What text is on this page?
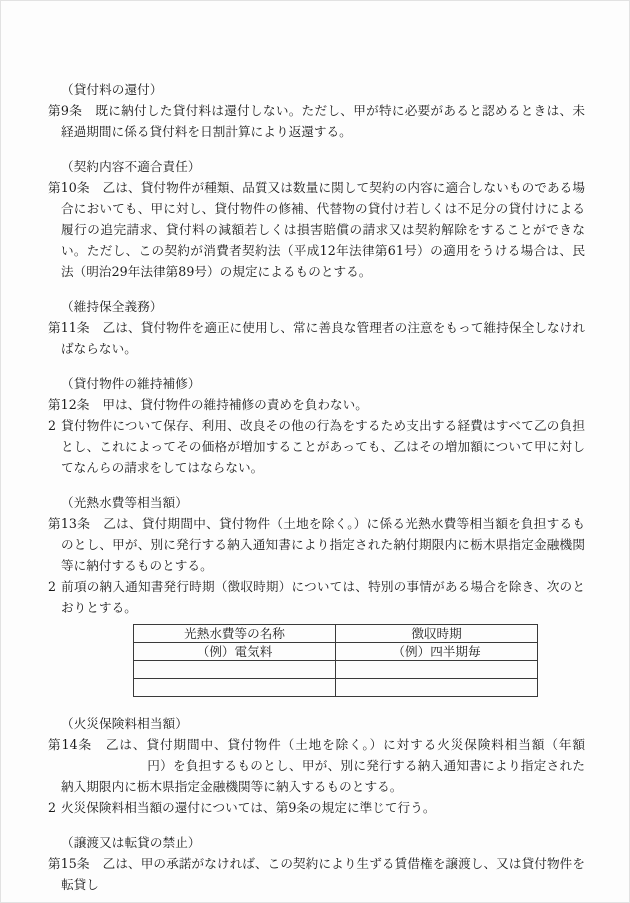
（貸付料の還付）

第9条 既に納付した貸付料は還付しない。ただし、甲が特に必要があると認めるときは、未経過期間に係る貸付料を日割計算により返還する。

（契約内容不適合責任）

第10条 乙は、貸付物件が種類、品質又は数量に関して契約の内容に適合しないものである場合においても、甲に対し、貸付物件の修補、代替物の貸付け若しくは不足分の貸付けによる履行の追完請求、貸付料の減額若しくは損害賠償の請求又は契約解除をすることができない。ただし、この契約が消費者契約法（平成12年法律第61号）の適用をうける場合は、民法（明治29年法律第89号）の規定によるものとする。

（維持保全義務）

第11条 乙は、貸付物件を適正に使用し、常に善良な管理者の注意をもって維持保全しなければならない。

（貸付物件の維持補修）

第12条 甲は、貸付物件の維持補修の責めを負わない。

2 貸付物件について保存、利用、改良その他の行為をするため支出する経費はすべて乙の負担とし、これによってその価格が増加することがあっても、乙はその増加額について甲に対してなんらの請求をしてはならない。

（光熱水費等相当額）

第13条 乙は、貸付期間中、貸付物件（土地を除く。）に係る光熱水費等相当額を負担するものとし、甲が、別に発行する納入通知書により指定された納付期限内に栃木県指定金融機関等に納付するものとする。

2 前項の納入通知書発行時期（徴収時期）については、特別の事情がある場合を除き、次のとおりとする。

光熱水費等の名称	徴収時期
（例）電気料	（例）四半期毎

（火災保険料相当額）

第14条 乙は、貸付期間中、貸付物件（土地を除く。）に対する火災保険料相当額（年額円）を負担するものとし、甲が、別に発行する納入通知書により指定された納入期限内に栃木県指定金融機関等に納入するものとする。

2 火災保険料相当額の還付については、第9条の規定に準じて行う。

（譲渡又は転貸の禁止）

第15条 乙は、甲の承諾がなければ、この契約により生ずる賃借権を譲渡し、又は貸付物件を転貸し
